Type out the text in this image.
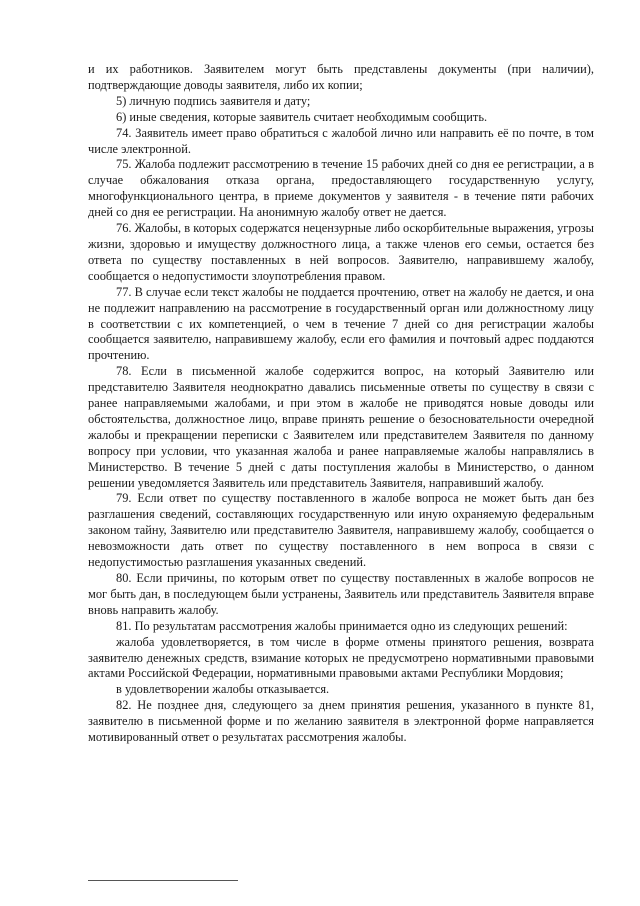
и их работников. Заявителем могут быть представлены документы (при наличии), подтверждающие доводы заявителя, либо их копии;

5) личную подпись заявителя и дату;

6) иные сведения, которые заявитель считает необходимым сообщить.

74. Заявитель имеет право обратиться с жалобой лично или направить её по почте, в том числе электронной.

75. Жалоба подлежит рассмотрению в течение 15 рабочих дней со дня ее регистрации, а в случае обжалования отказа органа, предоставляющего государственную услугу, многофункционального центра, в приеме документов у заявителя - в течение пяти рабочих дней со дня ее регистрации. На анонимную жалобу ответ не дается.

76. Жалобы, в которых содержатся нецензурные либо оскорбительные выражения, угрозы жизни, здоровью и имуществу должностного лица, а также членов его семьи, остается без ответа по существу поставленных в ней вопросов. Заявителю, направившему жалобу, сообщается о недопустимости злоупотребления правом.

77. В случае если текст жалобы не поддается прочтению, ответ на жалобу не дается, и она не подлежит направлению на рассмотрение в государственный орган или должностному лицу в соответствии с их компетенцией, о чем в течение 7 дней со дня регистрации жалобы сообщается заявителю, направившему жалобу, если его фамилия и почтовый адрес поддаются прочтению.

78. Если в письменной жалобе содержится вопрос, на который Заявителю или представителю Заявителя неоднократно давались письменные ответы по существу в связи с ранее направляемыми жалобами, и при этом в жалобе не приводятся новые доводы или обстоятельства, должностное лицо, вправе принять решение о безосновательности очередной жалобы и прекращении переписки с Заявителем или представителем Заявителя по данному вопросу при условии, что указанная жалоба и ранее направляемые жалобы направлялись в Министерство. В течение 5 дней с даты поступления жалобы в Министерство, о данном решении уведомляется Заявитель или представитель Заявителя, направивший жалобу.

79. Если ответ по существу поставленного в жалобе вопроса не может быть дан без разглашения сведений, составляющих государственную или иную охраняемую федеральным законом тайну, Заявителю или представителю Заявителя, направившему жалобу, сообщается о невозможности дать ответ по существу поставленного в нем вопроса в связи с недопустимостью разглашения указанных сведений.

80. Если причины, по которым ответ по существу поставленных в жалобе вопросов не мог быть дан, в последующем были устранены, Заявитель или представитель Заявителя вправе вновь направить жалобу.

81. По результатам рассмотрения жалобы принимается одно из следующих решений:

жалоба удовлетворяется, в том числе в форме отмены принятого решения, возврата заявителю денежных средств, взимание которых не предусмотрено нормативными правовыми актами Российской Федерации, нормативными правовыми актами Республики Мордовия;

в удовлетворении жалобы отказывается.

82. Не позднее дня, следующего за днем принятия решения, указанного в пункте 81, заявителю в письменной форме и по желанию заявителя в электронной форме направляется мотивированный ответ о результатах рассмотрения жалобы.
